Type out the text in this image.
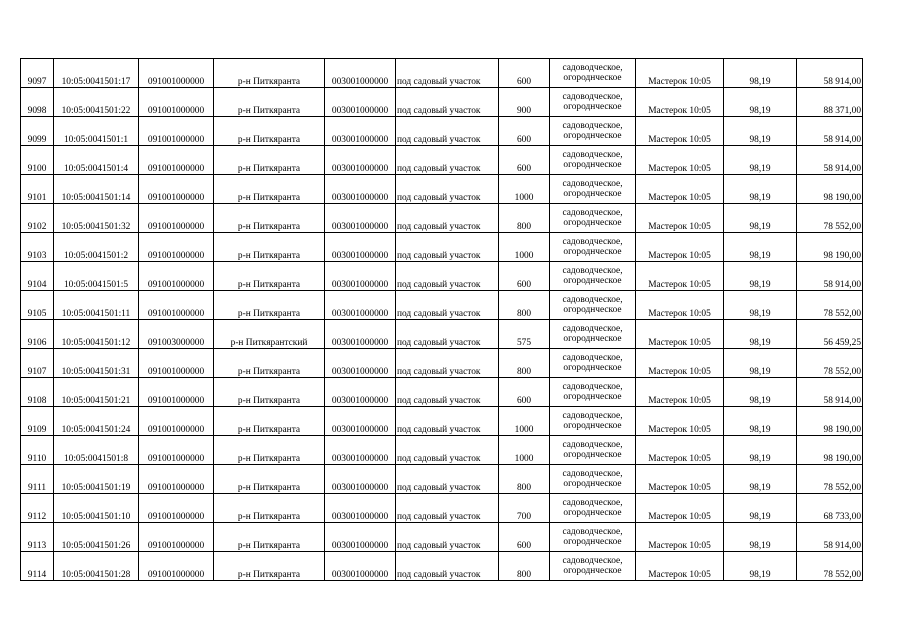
9097	10:05:0041501:17	091001000000	р-н Питкяранта	003001000000	под садовый участок	600	садоводческое,
огороднческое	Мастерок 10:05	98,19	58 914,00
9098	10:05:0041501:22	091001000000	р-н Питкяранта	003001000000	под садовый участок	900	садоводческое,
огороднческое	Мастерок 10:05	98,19	88 371,00
9099	10:05:0041501:1	091001000000	р-н Питкяранта	003001000000	под садовый участок	600	садоводческое,
огороднческое	Мастерок 10:05	98,19	58 914,00
9100	10:05:0041501:4	091001000000	р-н Питкяранта	003001000000	под садовый участок	600	садоводческое,
огороднческое	Мастерок 10:05	98,19	58 914,00
9101	10:05:0041501:14	091001000000	р-н Питкяранта	003001000000	под садовый участок	1000	садоводческое,
огороднческое	Мастерок 10:05	98,19	98 190,00
9102	10:05:0041501:32	091001000000	р-н Питкяранта	003001000000	под садовый участок	800	садоводческое,
огороднческое	Мастерок 10:05	98,19	78 552,00
9103	10:05:0041501:2	091001000000	р-н Питкяранта	003001000000	под садовый участок	1000	садоводческое,
огороднческое	Мастерок 10:05	98,19	98 190,00
9104	10:05:0041501:5	091001000000	р-н Питкяранта	003001000000	под садовый участок	600	садоводческое,
огороднческое	Мастерок 10:05	98,19	58 914,00
9105	10:05:0041501:11	091001000000	р-н Питкяранта	003001000000	под садовый участок	800	садоводческое,
огороднческое	Мастерок 10:05	98,19	78 552,00
9106	10:05:0041501:12	091003000000	р-н Питкярантский	003001000000	под садовый участок	575	садоводческое,
огороднческое	Мастерок 10:05	98,19	56 459,25
9107	10:05:0041501:31	091001000000	р-н Питкяранта	003001000000	под садовый участок	800	садоводческое,
огороднческое	Мастерок 10:05	98,19	78 552,00
9108	10:05:0041501:21	091001000000	р-н Питкяранта	003001000000	под садовый участок	600	садоводческое,
огороднческое	Мастерок 10:05	98,19	58 914,00
9109	10:05:0041501:24	091001000000	р-н Питкяранта	003001000000	под садовый участок	1000	садоводческое,
огороднческое	Мастерок 10:05	98,19	98 190,00
9110	10:05:0041501:8	091001000000	р-н Питкяранта	003001000000	под садовый участок	1000	садоводческое,
огороднческое	Мастерок 10:05	98,19	98 190,00
9111	10:05:0041501:19	091001000000	р-н Питкяранта	003001000000	под садовый участок	800	садоводческое,
огороднческое	Мастерок 10:05	98,19	78 552,00
9112	10:05:0041501:10	091001000000	р-н Питкяранта	003001000000	под садовый участок	700	садоводческое,
огороднческое	Мастерок 10:05	98,19	68 733,00
9113	10:05:0041501:26	091001000000	р-н Питкяранта	003001000000	под садовый участок	600	садоводческое,
огороднческое	Мастерок 10:05	98,19	58 914,00
9114	10:05:0041501:28	091001000000	р-н Питкяранта	003001000000	под садовый участок	800	садоводческое,
огороднческое	Мастерок 10:05	98,19	78 552,00
